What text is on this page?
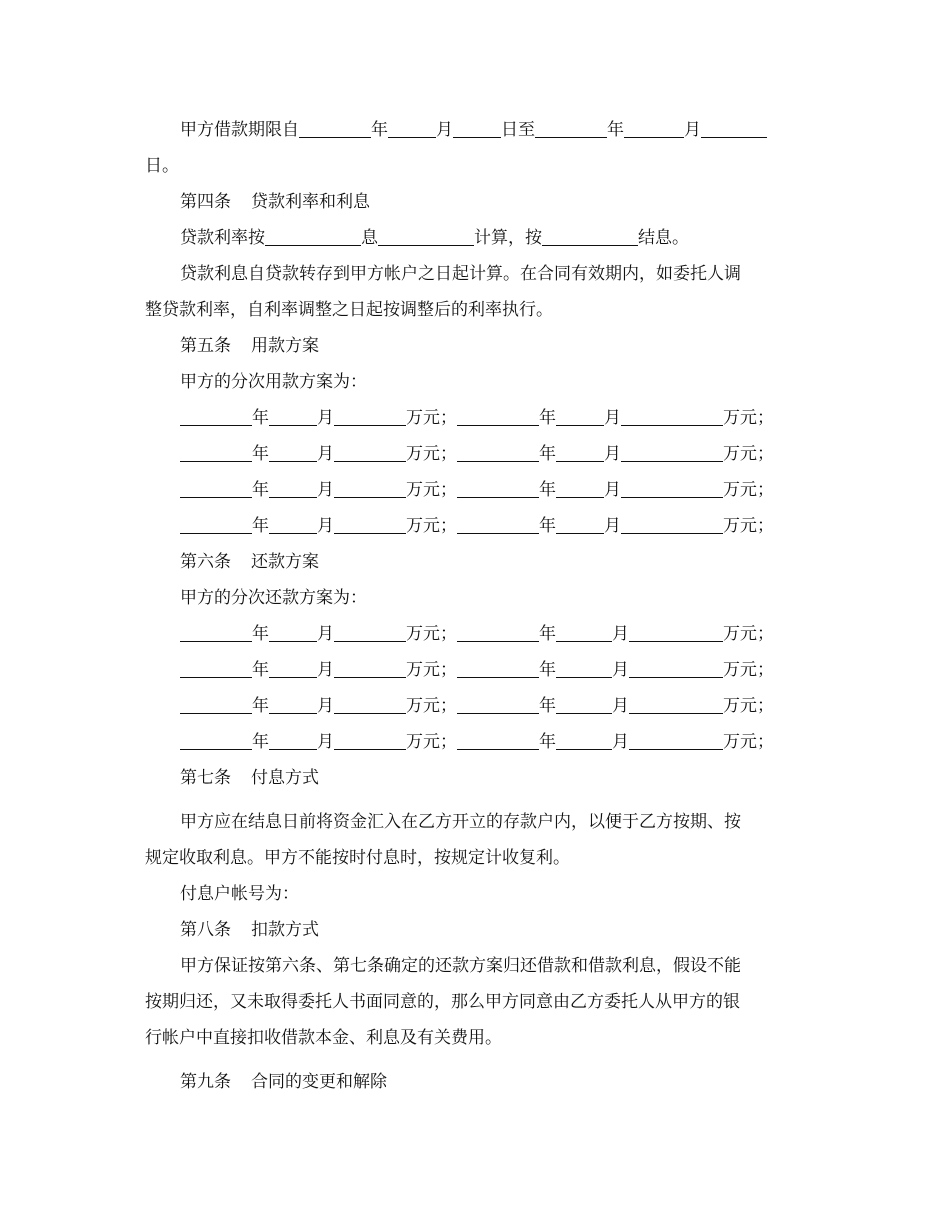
甲方借款期限自	年	月	日至	年	月
日。
第四条 贷款利率和利息
贷款利率按	息	计算，按	结息。
贷款利息自贷款转存到甲方帐户之日起计算。在合同有效期内，如委托人调
整贷款利率，自利率调整之日起按调整后的利率执行。
第五条 用款方案
甲方的分次用款方案为：
年	月	万元；	年	月	万元；
年	月	万元；	年	月	万元；
年	月	万元；	年	月	万元；
年	月	万元；	年	月	万元；
第六条 还款方案
甲方的分次还款方案为：
年	月	万元；	年	月	万元；
年	月	万元；	年	月	万元；
年	月	万元；	年	月	万元；
年	月	万元；	年	月	万元；
第七条 付息方式
甲方应在结息日前将资金汇入在乙方开立的存款户内，以便于乙方按期、按
规定收取利息。甲方不能按时付息时，按规定计收复利。
付息户帐号为：
第八条 扣款方式
甲方保证按第六条、第七条确定的还款方案归还借款和借款利息，假设不能
按期归还，又未取得委托人书面同意的，那么甲方同意由乙方委托人从甲方的银
行帐户中直接扣收借款本金、利息及有关费用。
第九条 合同的变更和解除
